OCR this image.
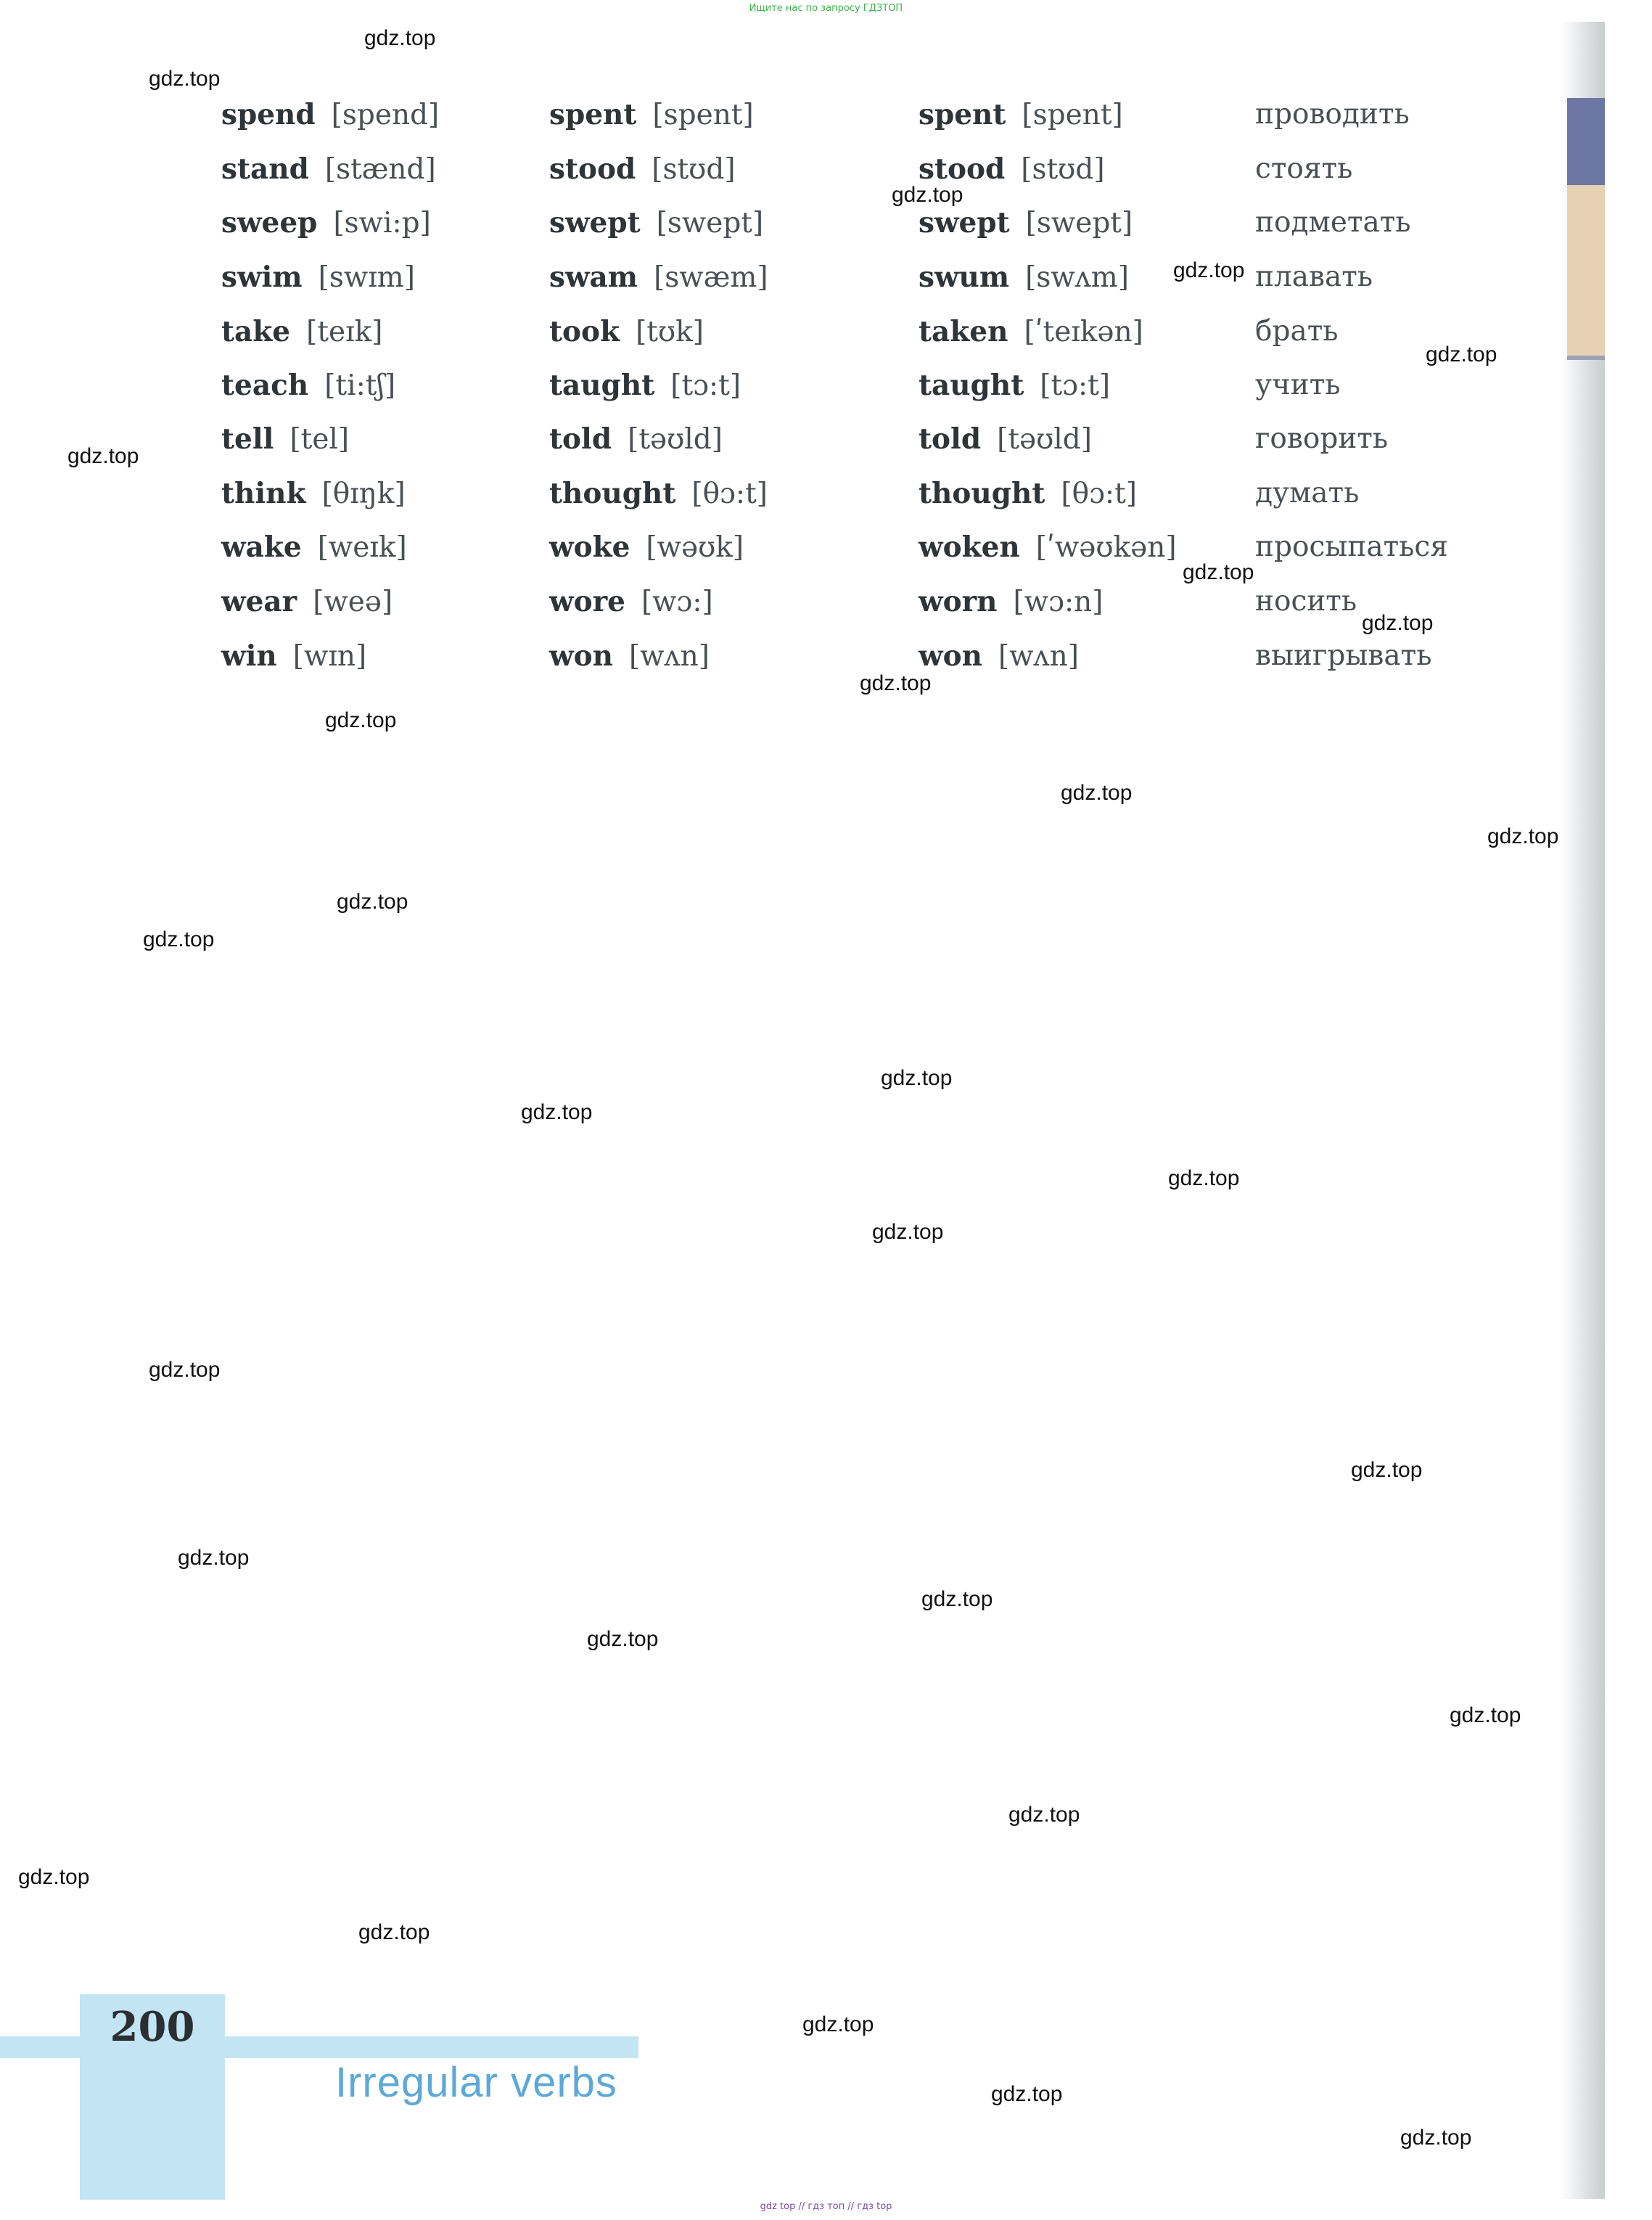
Ищите нас по запросу ГДЗТОП
spend [spend]	spent [spent]	spent [spent]	проводить
stand [stænd]	stood [stʊd]	stood [stʊd]	стоять
sweep [swi:p]	swept [swept]	swept [swept]	подметать
swim [swɪm]	swam [swæm]	swum [swʌm]	плавать
take [teɪk]	took [tʊk]	taken [ʹteɪkən]	брать
teach [ti:tʃ]	taught [tɔ:t]	taught [tɔ:t]	учить
tell [tel]	told [təʊld]	told [təʊld]	говорить
think [θɪŋk]	thought [θɔ:t]	thought [θɔ:t]	думать
wake [weɪk]	woke [wəʊk]	woken [ʹwəʊkən]	просыпаться
wear [weə]	wore [wɔ:]	worn [wɔ:n]	носить
win [wɪn]	won [wʌn]	won [wʌn]	выигрывать
gdz.top
gdz.top
gdz.top
gdz.top
gdz.top
gdz.top
gdz.top
gdz.top
gdz.top
gdz.top
gdz.top
gdz.top
gdz.top
gdz.top
gdz.top
gdz.top
gdz.top
gdz.top
gdz.top
gdz.top
gdz.top
gdz.top
gdz.top
gdz.top
gdz.top
gdz.top
gdz.top
gdz.top
gdz.top
gdz.top
200
Irregular verbs
gdz top // гдз топ // гдз top
